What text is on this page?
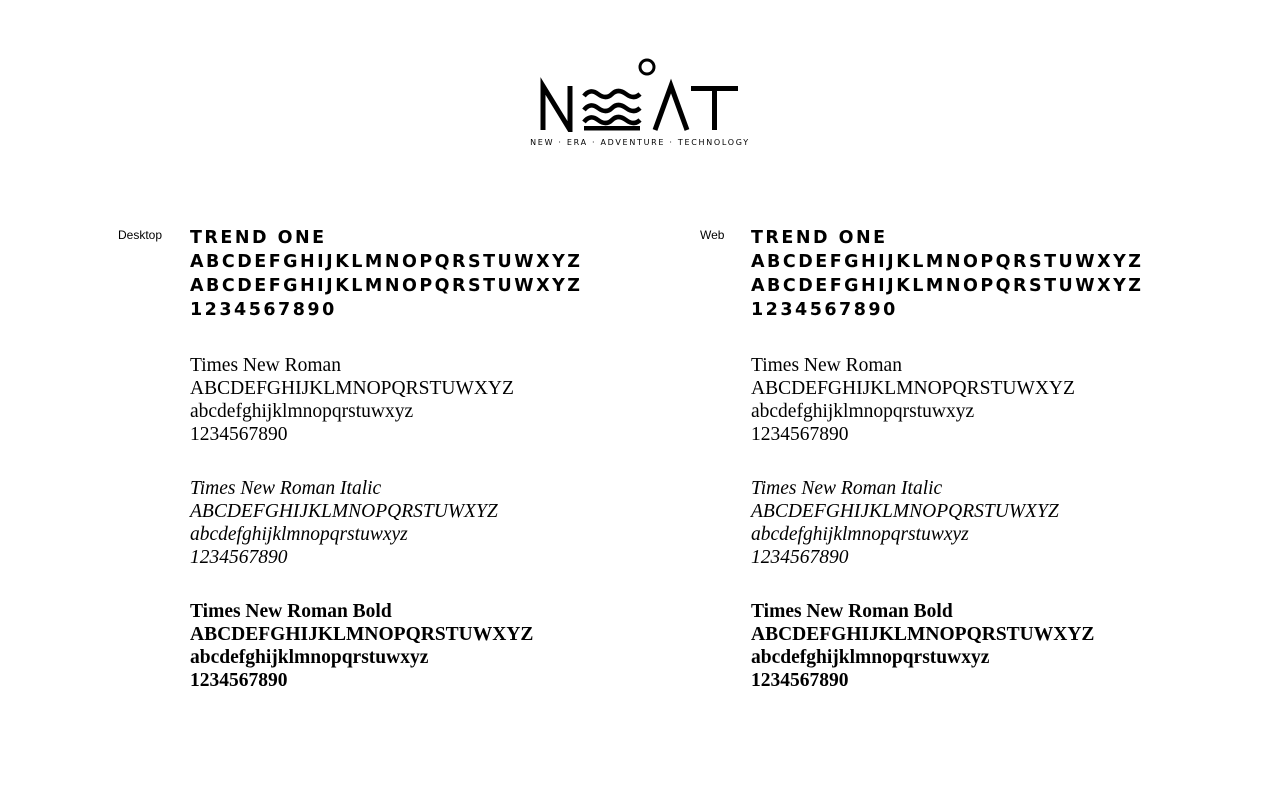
NEW · ERA · ADVENTURE · TECHNOLOGY
Desktop TREND ONE
ABCDEFGHIJKLMNOPQRSTUWXYZ
ABCDEFGHIJKLMNOPQRSTUWXYZ
1234567890
Times New Roman
ABCDEFGHIJKLMNOPQRSTUWXYZ
abcdefghijklmnopqrstuwxyz
1234567890
Times New Roman Italic
ABCDEFGHIJKLMNOPQRSTUWXYZ
abcdefghijklmnopqrstuwxyz
1234567890
Times New Roman Bold
ABCDEFGHIJKLMNOPQRSTUWXYZ
abcdefghijklmnopqrstuwxyz
1234567890
Web TREND ONE
ABCDEFGHIJKLMNOPQRSTUWXYZ
ABCDEFGHIJKLMNOPQRSTUWXYZ
1234567890
Times New Roman
ABCDEFGHIJKLMNOPQRSTUWXYZ
abcdefghijklmnopqrstuwxyz
1234567890
Times New Roman Italic
ABCDEFGHIJKLMNOPQRSTUWXYZ
abcdefghijklmnopqrstuwxyz
1234567890
Times New Roman Bold
ABCDEFGHIJKLMNOPQRSTUWXYZ
abcdefghijklmnopqrstuwxyz
1234567890
